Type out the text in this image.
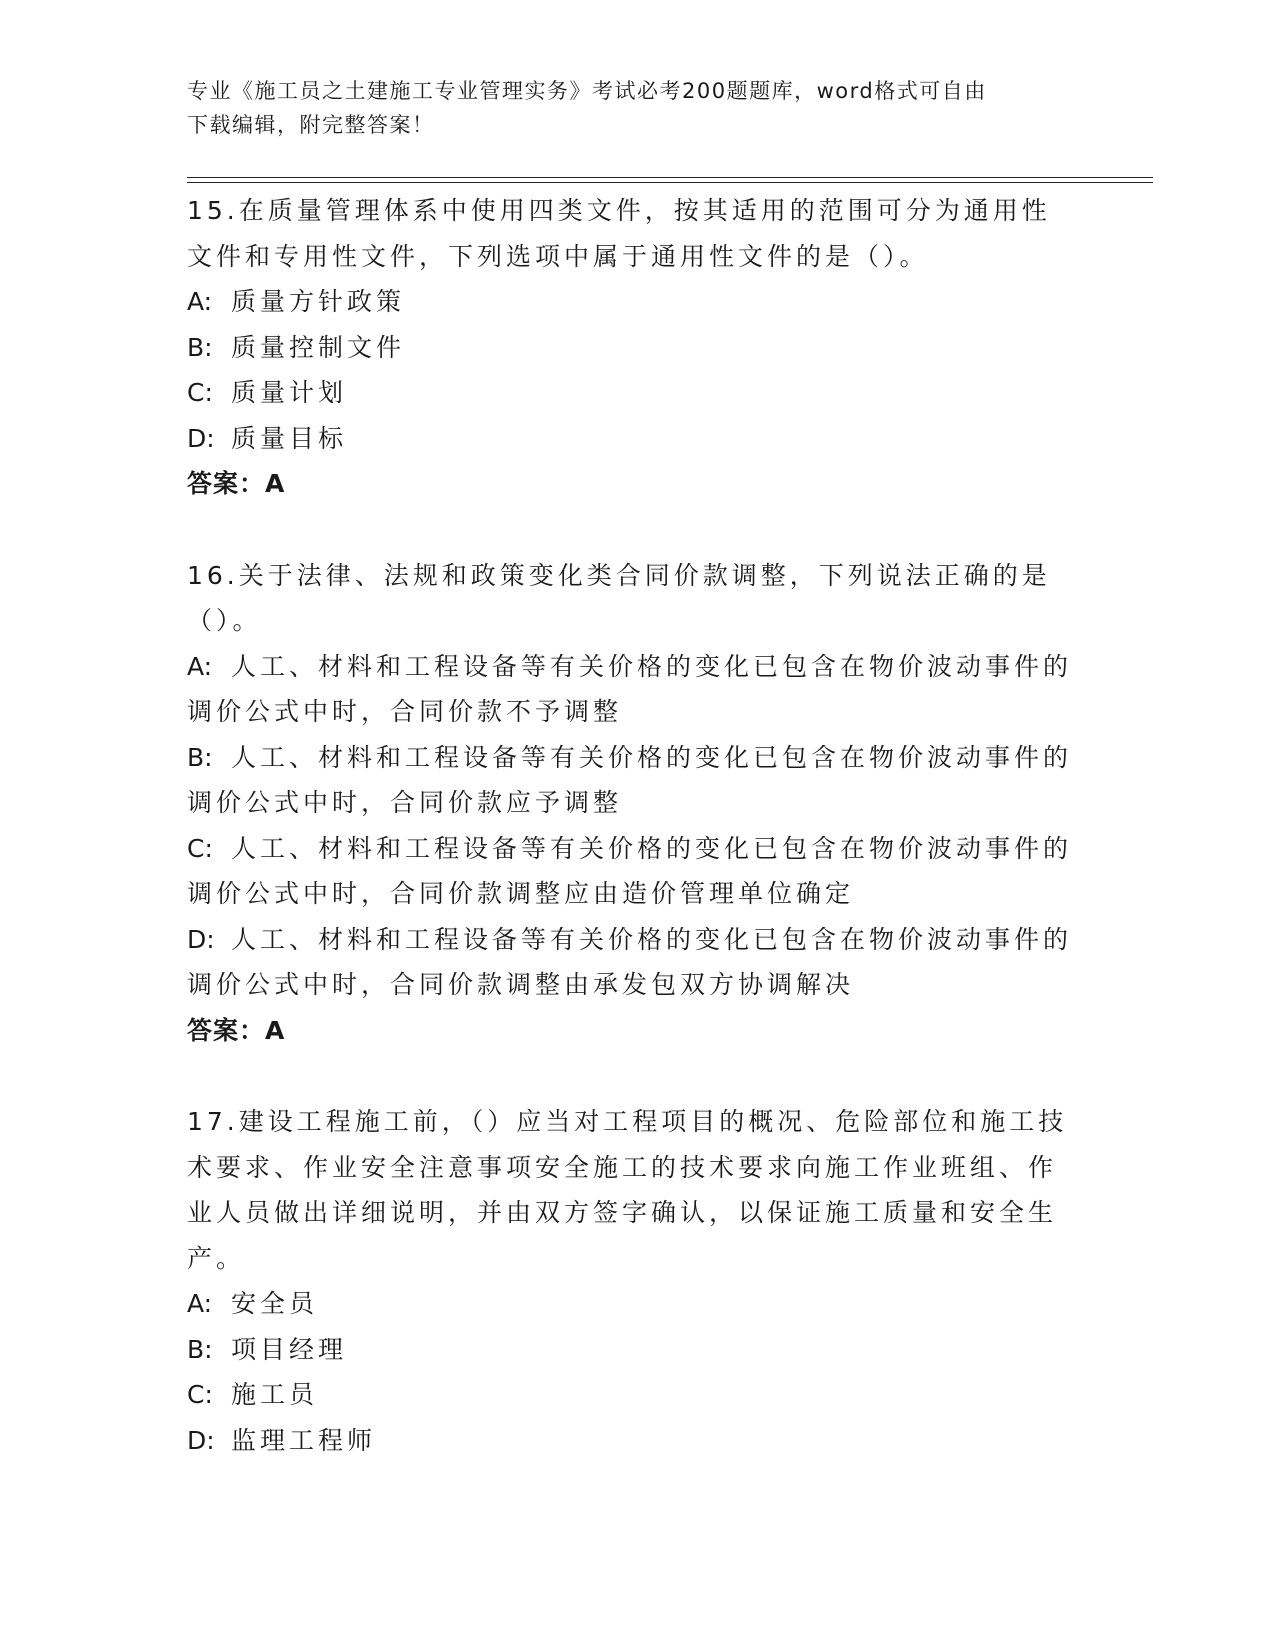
专业《施工员之土建施工专业管理实务》考试必考200题题库，word格式可自由
下载编辑，附完整答案！

15.在质量管理体系中使用四类文件，按其适用的范围可分为通用性文件和专用性文件，下列选项中属于通用性文件的是（）。

A: 质量方针政策

B: 质量控制文件

C: 质量计划

D: 质量目标

答案：A

16.关于法律、法规和政策变化类合同价款调整，下列说法正确的是（）。

A: 人工、材料和工程设备等有关价格的变化已包含在物价波动事件的调价公式中时，合同价款不予调整

B: 人工、材料和工程设备等有关价格的变化已包含在物价波动事件的调价公式中时，合同价款应予调整

C: 人工、材料和工程设备等有关价格的变化已包含在物价波动事件的调价公式中时，合同价款调整应由造价管理单位确定

D: 人工、材料和工程设备等有关价格的变化已包含在物价波动事件的调价公式中时，合同价款调整由承发包双方协调解决

答案：A

17.建设工程施工前，（）应当对工程项目的概况、危险部位和施工技术要求、作业安全注意事项安全施工的技术要求向施工作业班组、作业人员做出详细说明，并由双方签字确认，以保证施工质量和安全生产。

A: 安全员

B: 项目经理

C: 施工员

D: 监理工程师
